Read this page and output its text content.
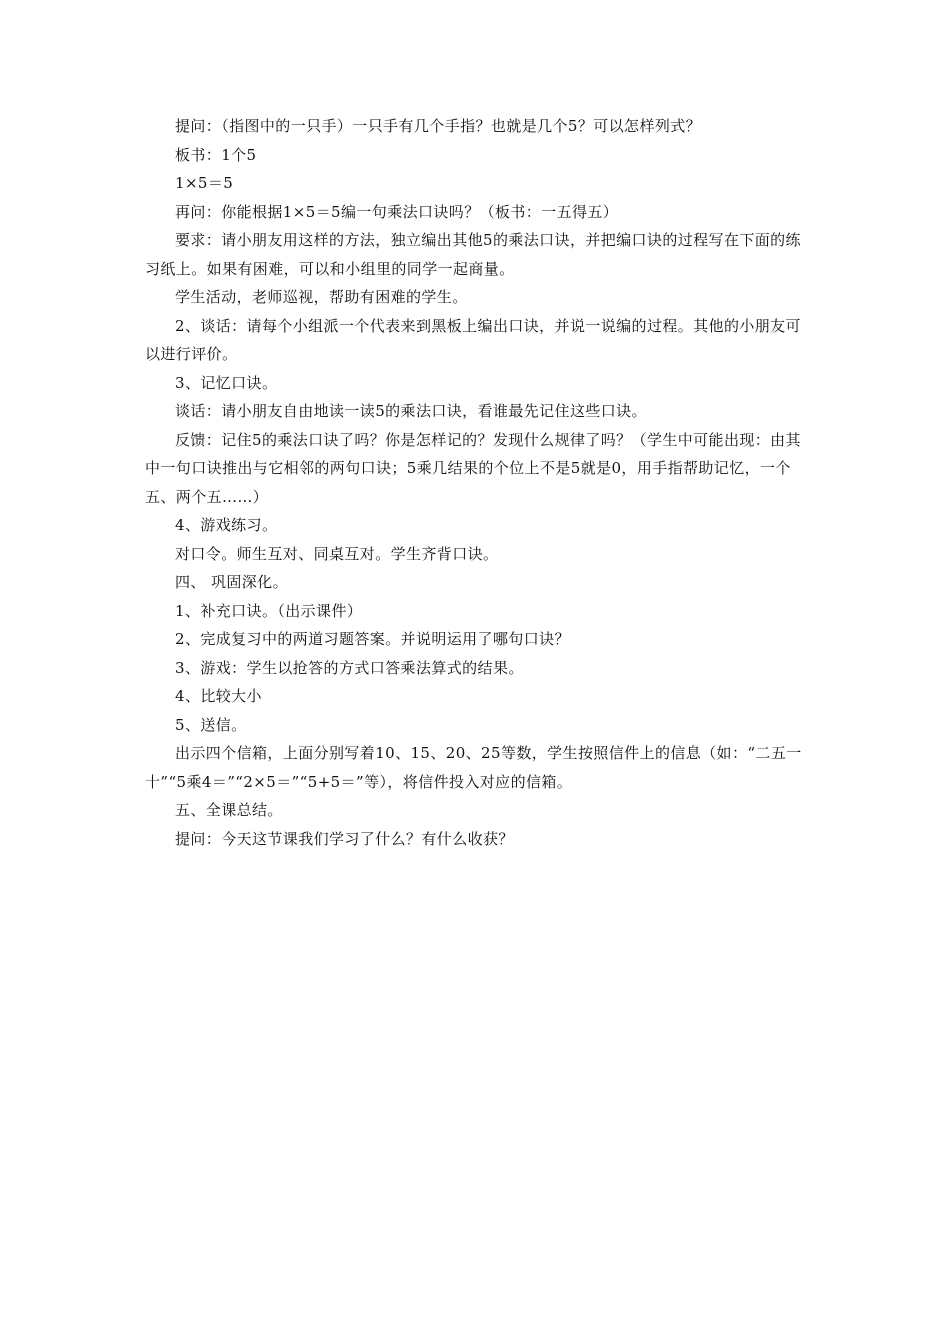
提问：（指图中的一只手）一只手有几个手指？也就是几个5？可以怎样列式？

板书：1个5

1×5＝5

再问：你能根据1×5＝5编一句乘法口诀吗？（板书：一五得五）

要求：请小朋友用这样的方法，独立编出其他5的乘法口诀，并把编口诀的过程写在下面的练习纸上。如果有困难，可以和小组里的同学一起商量。

学生活动，老师巡视，帮助有困难的学生。

2、谈话：请每个小组派一个代表来到黑板上编出口诀，并说一说编的过程。其他的小朋友可以进行评价。

3、记忆口诀。

谈话：请小朋友自由地读一读5的乘法口诀，看谁最先记住这些口诀。

反馈：记住5的乘法口诀了吗？你是怎样记的？发现什么规律了吗？（学生中可能出现：由其中一句口诀推出与它相邻的两句口诀；5乘几结果的个位上不是5就是0，用手指帮助记忆，一个五、两个五……）

4、游戏练习。

对口令。师生互对、同桌互对。学生齐背口诀。

四、 巩固深化。

1、补充口诀。（出示课件）

2、完成复习中的两道习题答案。并说明运用了哪句口诀？

3、游戏：学生以抢答的方式口答乘法算式的结果。

4、比较大小

5、送信。

出示四个信箱，上面分别写着10、15、20、25等数，学生按照信件上的信息（如：“二五一十”“5乘4＝”“2×5＝”“5+5＝”等），将信件投入对应的信箱。

五、全课总结。

提问：今天这节课我们学习了什么？有什么收获？
